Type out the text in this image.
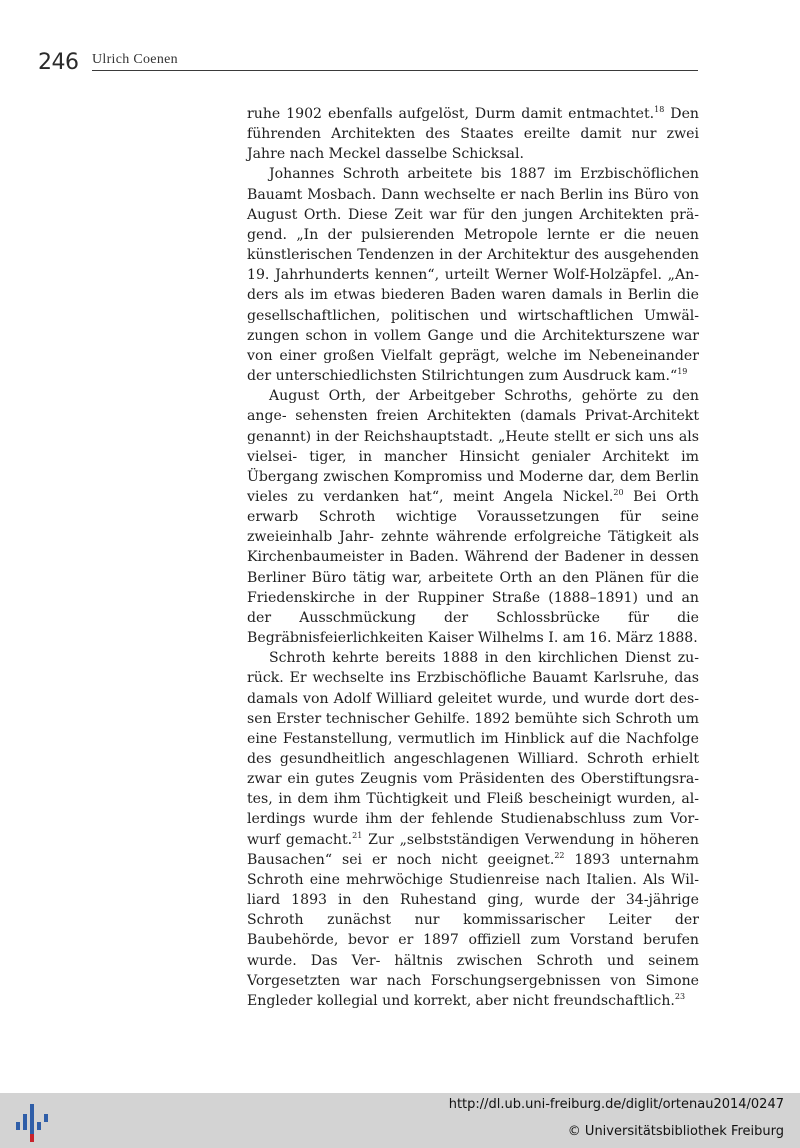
246 Ulrich Coenen

ruhe 1902 ebenfalls aufgelöst, Durm damit entmachtet.$^{18}$ Den führenden Architekten des Staates ereilte damit nur zwei Jahre nach Meckel dasselbe Schicksal.

Johannes Schroth arbeitete bis 1887 im Erzbischöflichen Bauamt Mosbach. Dann wechselte er nach Berlin ins Büro von August Orth. Diese Zeit war für den jungen Architekten prä- gend. „In der pulsierenden Metropole lernte er die neuen künstlerischen Tendenzen in der Architektur des ausgehenden 19. Jahrhunderts kennen“, urteilt Werner Wolf-Holzäpfel. „An- ders als im etwas biederen Baden waren damals in Berlin die gesellschaftlichen, politischen und wirtschaftlichen Umwäl- zungen schon in vollem Gange und die Architekturszene war von einer großen Vielfalt geprägt, welche im Nebeneinander der unterschiedlichsten Stilrichtungen zum Ausdruck kam.“$^{19}$

August Orth, der Arbeitgeber Schroths, gehörte zu den ange- sehensten freien Architekten (damals Privat-Architekt genannt) in der Reichshauptstadt. „Heute stellt er sich uns als vielsei- tiger, in mancher Hinsicht genialer Architekt im Übergang zwischen Kompromiss und Moderne dar, dem Berlin vieles zu verdanken hat“, meint Angela Nickel.$^{20}$ Bei Orth erwarb Schroth wichtige Voraussetzungen für seine zweieinhalb Jahr- zehnte währende erfolgreiche Tätigkeit als Kirchenbaumeister in Baden. Während der Badener in dessen Berliner Büro tätig war, arbeitete Orth an den Plänen für die Friedenskirche in der Ruppiner Straße (1888–1891) und an der Ausschmückung der Schlossbrücke für die Begräbnisfeierlichkeiten Kaiser Wilhelms I. am 16. März 1888.

Schroth kehrte bereits 1888 in den kirchlichen Dienst zu- rück. Er wechselte ins Erzbischöfliche Bauamt Karlsruhe, das damals von Adolf Williard geleitet wurde, und wurde dort des- sen Erster technischer Gehilfe. 1892 bemühte sich Schroth um eine Festanstellung, vermutlich im Hinblick auf die Nachfolge des gesundheitlich angeschlagenen Williard. Schroth erhielt zwar ein gutes Zeugnis vom Präsidenten des Oberstiftungsra- tes, in dem ihm Tüchtigkeit und Fleiß bescheinigt wurden, al- lerdings wurde ihm der fehlende Studienabschluss zum Vor- wurf gemacht.$^{21}$ Zur „selbstständigen Verwendung in höheren Bausachen“ sei er noch nicht geeignet.$^{22}$ 1893 unternahm Schroth eine mehrwöchige Studienreise nach Italien. Als Wil- liard 1893 in den Ruhestand ging, wurde der 34-jährige Schroth zunächst nur kommissarischer Leiter der Baubehörde, bevor er 1897 offiziell zum Vorstand berufen wurde. Das Ver- hältnis zwischen Schroth und seinem Vorgesetzten war nach Forschungsergebnissen von Simone Engleder kollegial und korrekt, aber nicht freundschaftlich.$^{23}$

http://dl.ub.uni-freiburg.de/diglit/ortenau2014/0247
© Universitätsbibliothek Freiburg
